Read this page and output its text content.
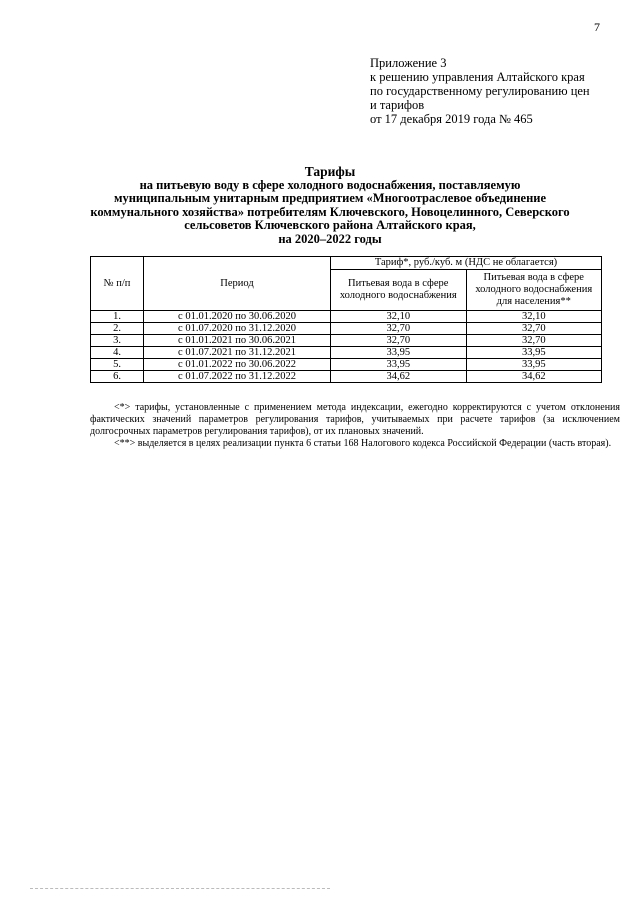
7
Приложение 3
к решению управления Алтайского края
по государственному регулированию цен
и тарифов
от 17 декабря 2019 года № 465
Тарифы
на питьевую воду в сфере холодного водоснабжения, поставляемую
муниципальным унитарным предприятием «Многоотраслевое объединение
коммунального хозяйства» потребителям Ключевского, Новоцелинного, Северского
сельсоветов Ключевского района Алтайского края,
на 2020–2022 годы
№ п/п	Период	Тариф*, руб./куб. м (НДС не облагается)	
		Питьевая вода в сфере холодного водоснабжения	Питьевая вода в сфере холодного водоснабжения для населения**
1.	с 01.01.2020 по 30.06.2020	32,10	32,10
2.	с 01.07.2020 по 31.12.2020	32,70	32,70
3.	с 01.01.2021 по 30.06.2021	32,70	32,70
4.	с 01.07.2021 по 31.12.2021	33,95	33,95
5.	с 01.01.2022 по 30.06.2022	33,95	33,95
6.	с 01.07.2022 по 31.12.2022	34,62	34,62

<*> тарифы, установленные с применением метода индексации, ежегодно корректируются с учетом отклонения фактических значений параметров регулирования тарифов, учитываемых при расчете тарифов (за исключением долгосрочных параметров регулирования тарифов), от их плановых значений.

<**> выделяется в целях реализации пункта 6 статьи 168 Налогового кодекса Российской Федерации (часть вторая).
